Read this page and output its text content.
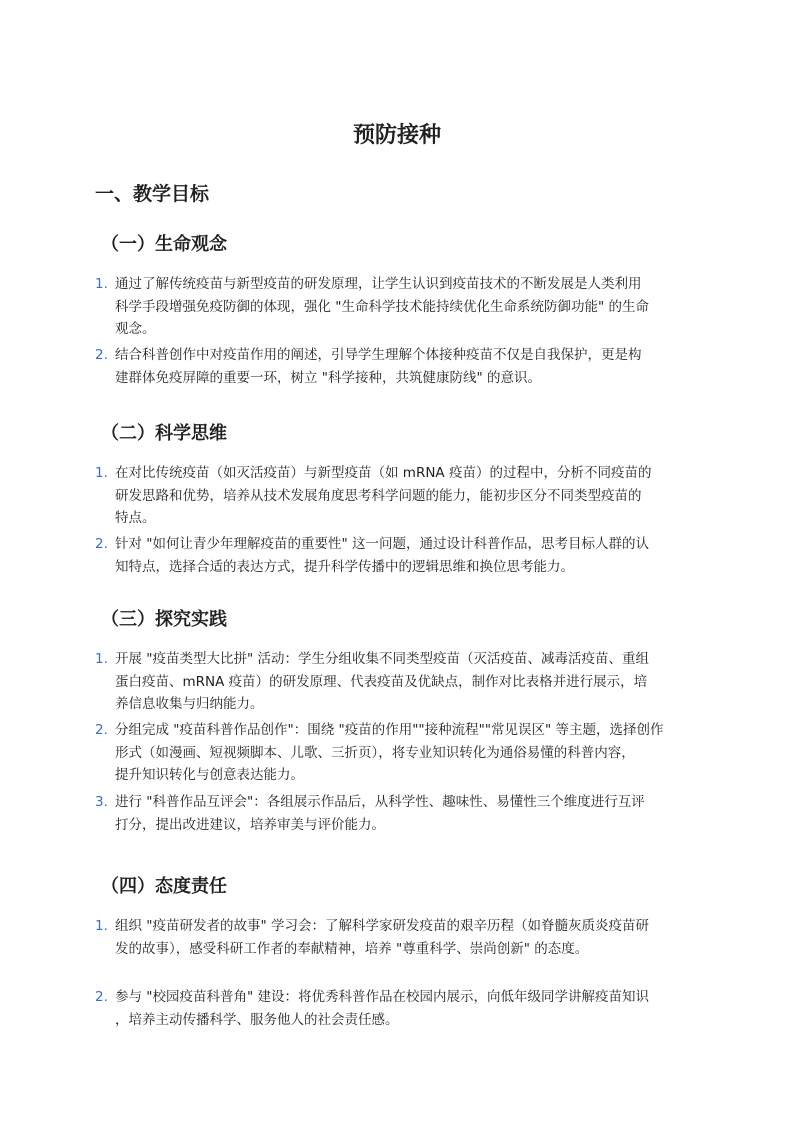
预防接种
一、教学目标
（一）生命观念
1. 通过了解传统疫苗与新型疫苗的研发原理，让学生认识到疫苗技术的不断发展是人类利用
科学手段增强免疫防御的体现，强化 "生命科学技术能持续优化生命系统防御功能" 的生命
观念。
2. 结合科普创作中对疫苗作用的阐述，引导学生理解个体接种疫苗不仅是自我保护，更是构
建群体免疫屏障的重要一环，树立 "科学接种，共筑健康防线" 的意识。
（二）科学思维
1. 在对比传统疫苗（如灭活疫苗）与新型疫苗（如 mRNA 疫苗）的过程中，分析不同疫苗的
研发思路和优势，培养从技术发展角度思考科学问题的能力，能初步区分不同类型疫苗的
特点。
2. 针对 "如何让青少年理解疫苗的重要性" 这一问题，通过设计科普作品，思考目标人群的认
知特点，选择合适的表达方式，提升科学传播中的逻辑思维和换位思考能力。
（三）探究实践
1. 开展 "疫苗类型大比拼" 活动：学生分组收集不同类型疫苗（灭活疫苗、减毒活疫苗、重组
蛋白疫苗、mRNA 疫苗）的研发原理、代表疫苗及优缺点，制作对比表格并进行展示，培
养信息收集与归纳能力。
2. 分组完成 "疫苗科普作品创作"：围绕 "疫苗的作用""接种流程""常见误区" 等主题，选择创作
形式（如漫画、短视频脚本、儿歌、三折页），将专业知识转化为通俗易懂的科普内容，
提升知识转化与创意表达能力。
3. 进行 "科普作品互评会"：各组展示作品后，从科学性、趣味性、易懂性三个维度进行互评
打分，提出改进建议，培养审美与评价能力。
（四）态度责任
1. 组织 "疫苗研发者的故事" 学习会：了解科学家研发疫苗的艰辛历程（如脊髓灰质炎疫苗研
发的故事），感受科研工作者的奉献精神，培养 "尊重科学、崇尚创新" 的态度。
2. 参与 "校园疫苗科普角" 建设：将优秀科普作品在校园内展示，向低年级同学讲解疫苗知识
，培养主动传播科学、服务他人的社会责任感。
